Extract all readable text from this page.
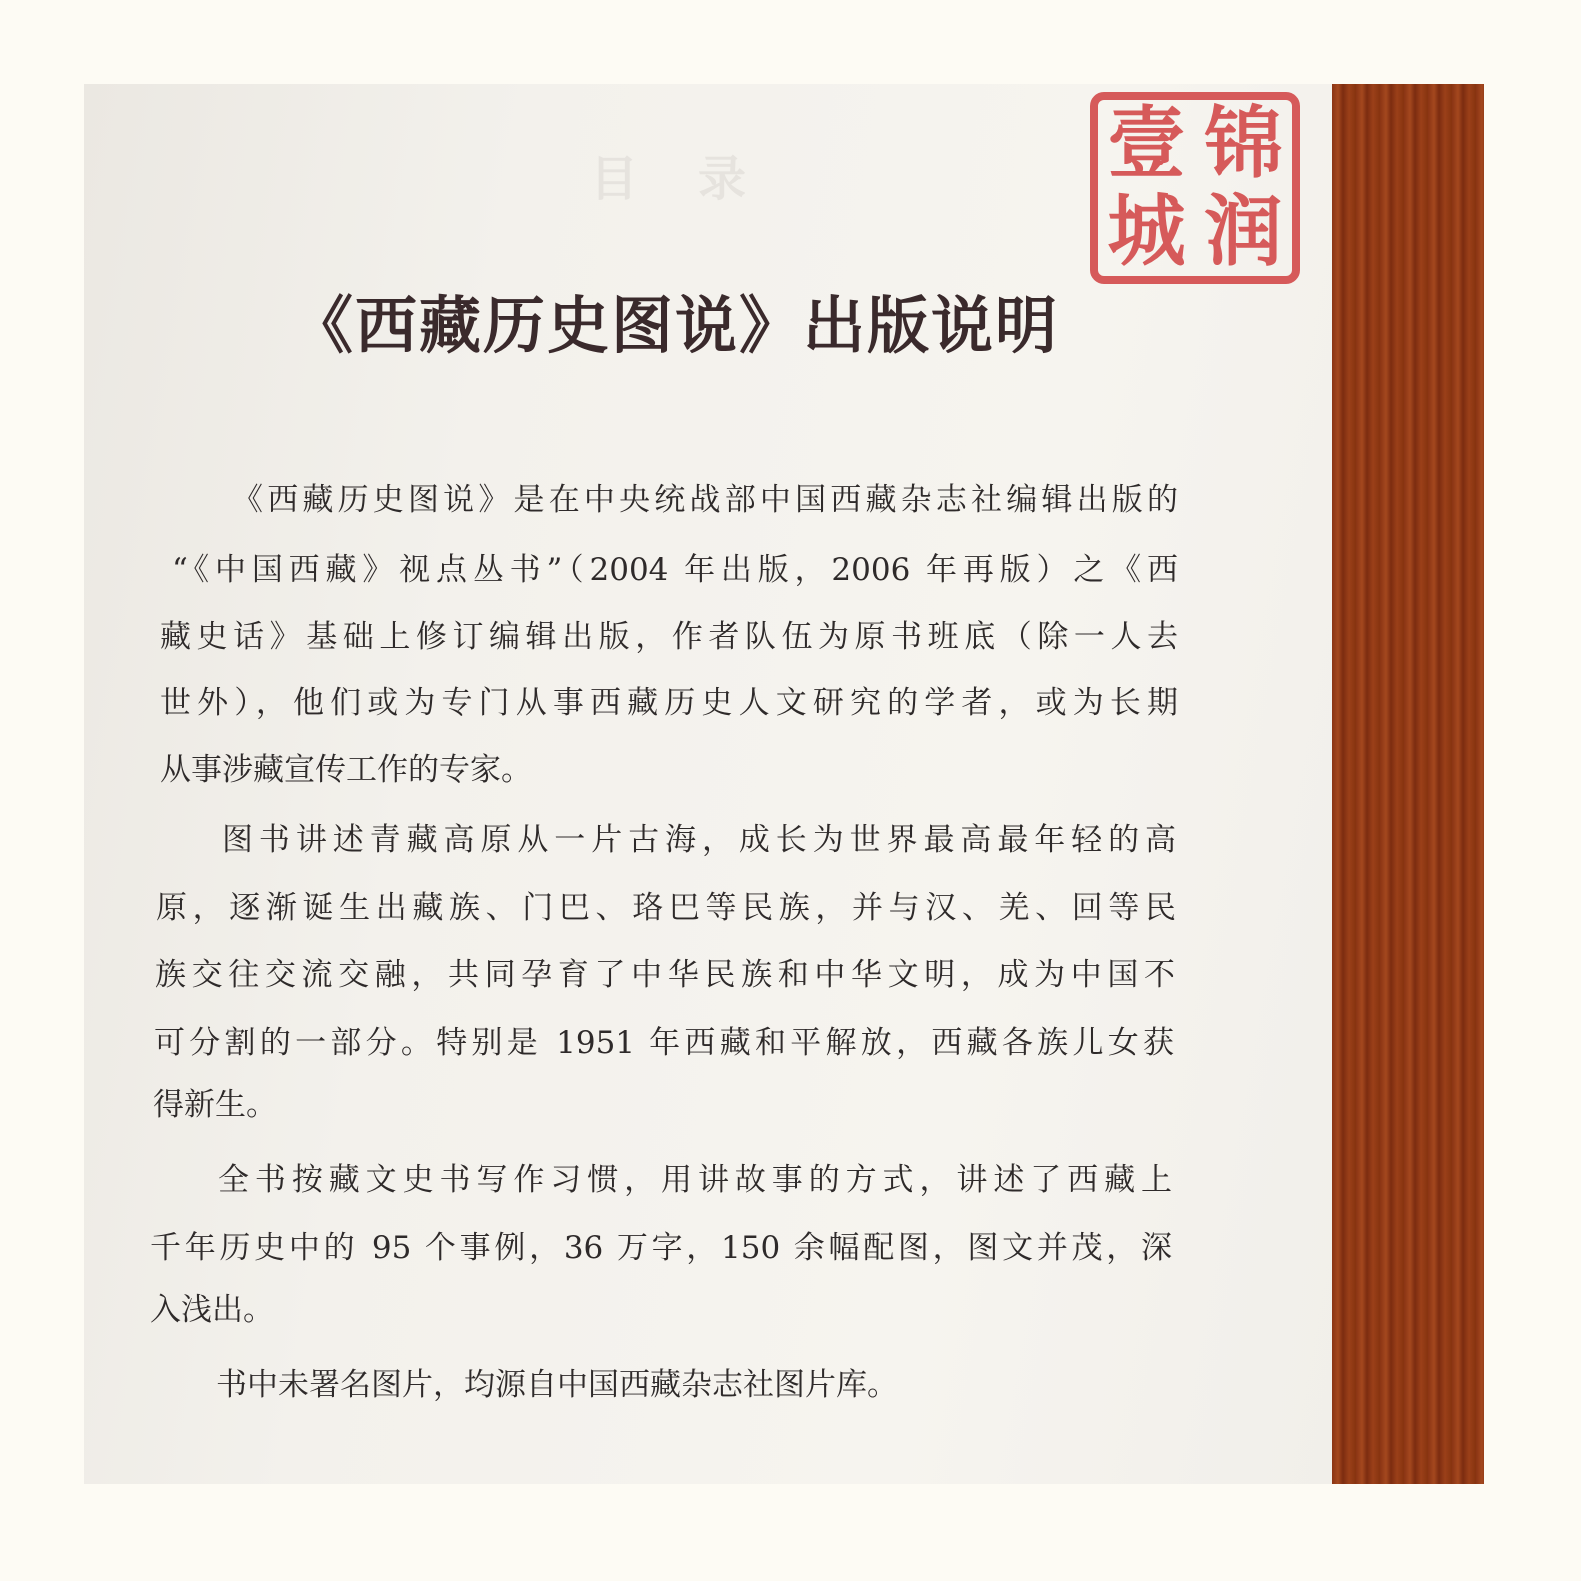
目录
《西藏历史图说》出版说明
《西藏历史图说》是在中央统战部中国西藏杂志社编辑出版的
“《中国西藏》视点丛书”（2004 年出版，2006 年再版）之《西
藏史话》基础上修订编辑出版，作者队伍为原书班底（除一人去
世外），他们或为专门从事西藏历史人文研究的学者，或为长期
从事涉藏宣传工作的专家。
图书讲述青藏高原从一片古海，成长为世界最高最年轻的高
原，逐渐诞生出藏族、门巴、珞巴等民族，并与汉、羌、回等民
族交往交流交融，共同孕育了中华民族和中华文明，成为中国不
可分割的一部分。特别是 1951 年西藏和平解放，西藏各族儿女获
得新生。
全书按藏文史书写作习惯，用讲故事的方式，讲述了西藏上
千年历史中的 95 个事例，36 万字，150 余幅配图，图文并茂，深
入浅出。
书中未署名图片，均源自中国西藏杂志社图片库。
锦
壹
润
城
